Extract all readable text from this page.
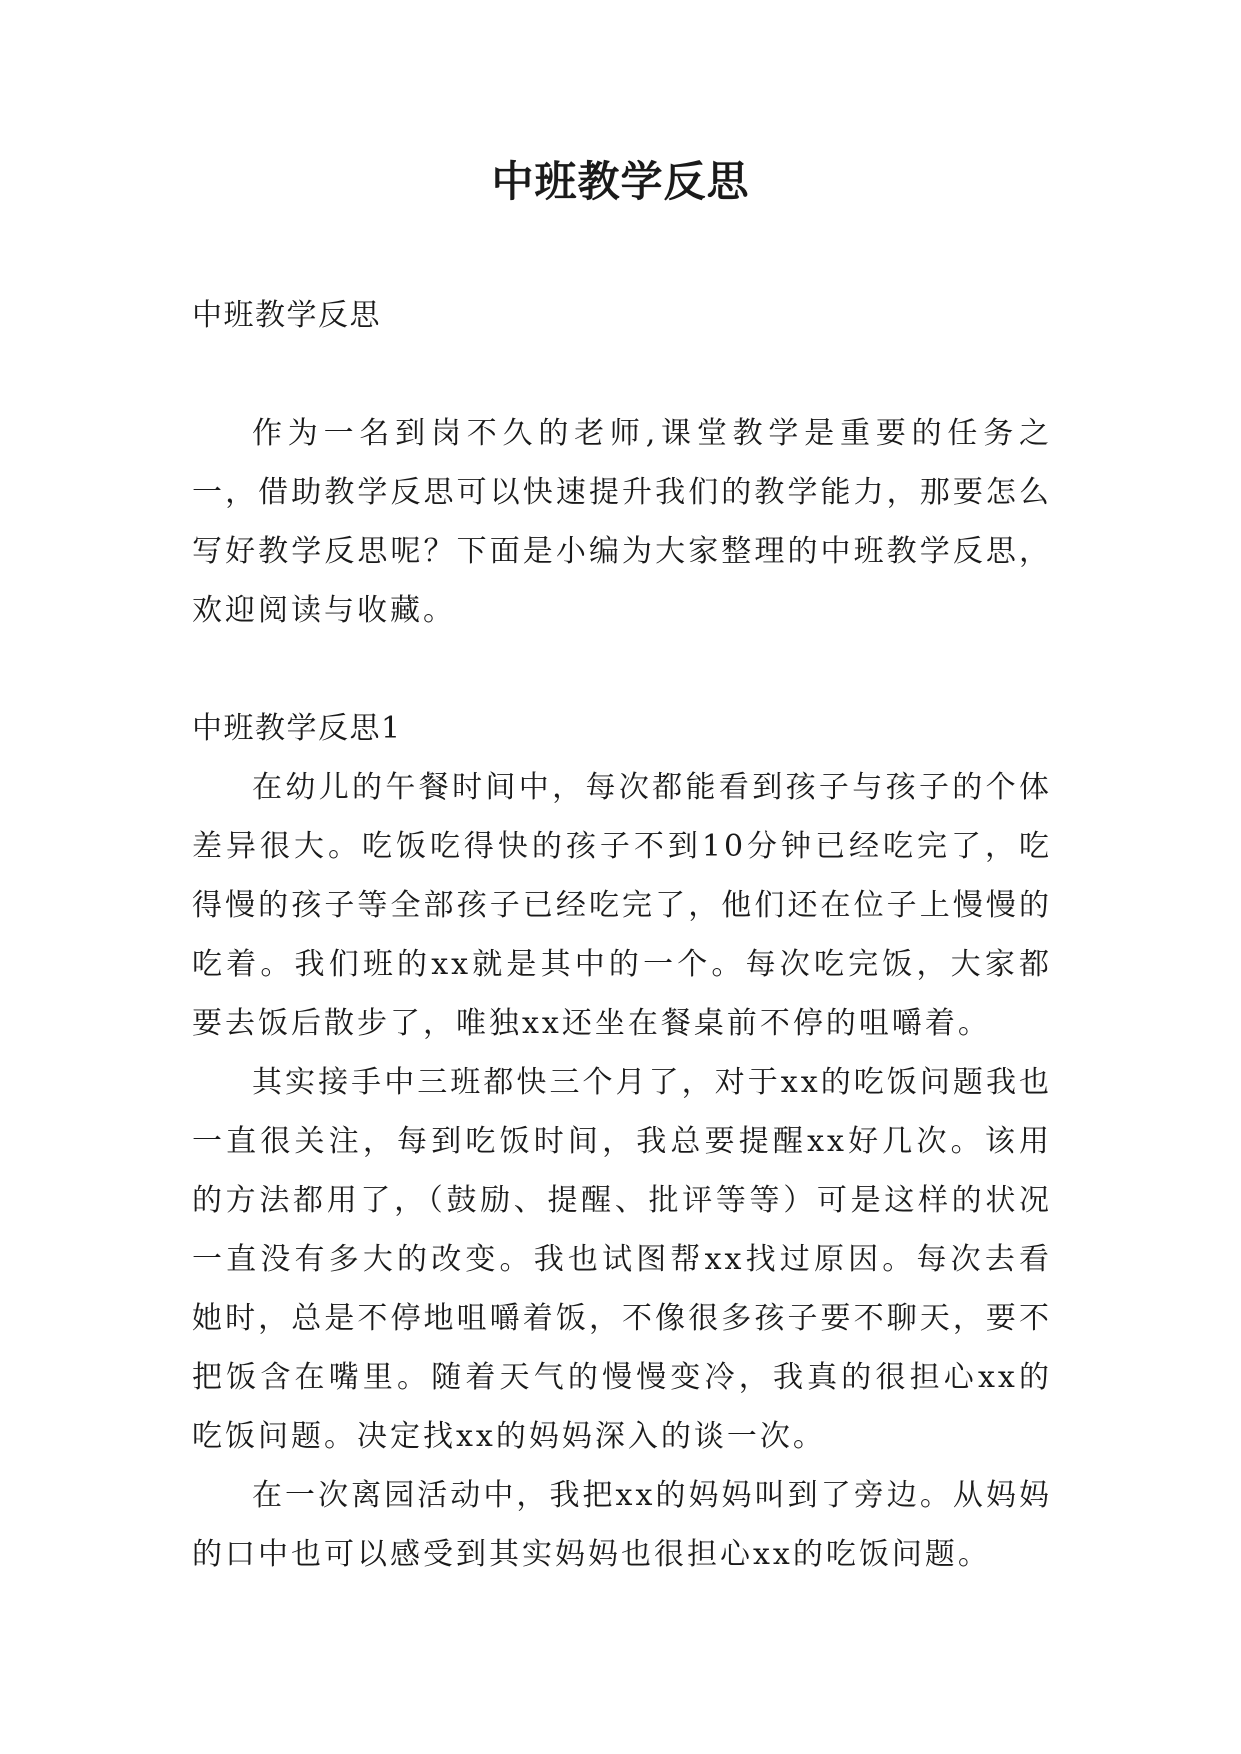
中班教学反思

中班教学反思

作为一名到岗不久的老师,课堂教学是重要的任务之一，借助教学反思可以快速提升我们的教学能力，那要怎么写好教学反思呢？下面是小编为大家整理的中班教学反思，欢迎阅读与收藏。

中班教学反思1

在幼儿的午餐时间中，每次都能看到孩子与孩子的个体差异很大。吃饭吃得快的孩子不到10分钟已经吃完了，吃得慢的孩子等全部孩子已经吃完了，他们还在位子上慢慢的吃着。我们班的xx就是其中的一个。每次吃完饭，大家都要去饭后散步了，唯独xx还坐在餐桌前不停的咀嚼着。

其实接手中三班都快三个月了，对于xx的吃饭问题我也一直很关注，每到吃饭时间，我总要提醒xx好几次。该用的方法都用了，（鼓励、提醒、批评等等）可是这样的状况一直没有多大的改变。我也试图帮xx找过原因。每次去看她时，总是不停地咀嚼着饭，不像很多孩子要不聊天，要不把饭含在嘴里。随着天气的慢慢变冷，我真的很担心xx的吃饭问题。决定找xx的妈妈深入的谈一次。

在一次离园活动中，我把xx的妈妈叫到了旁边。从妈妈的口中也可以感受到其实妈妈也很担心xx的吃饭问题。
